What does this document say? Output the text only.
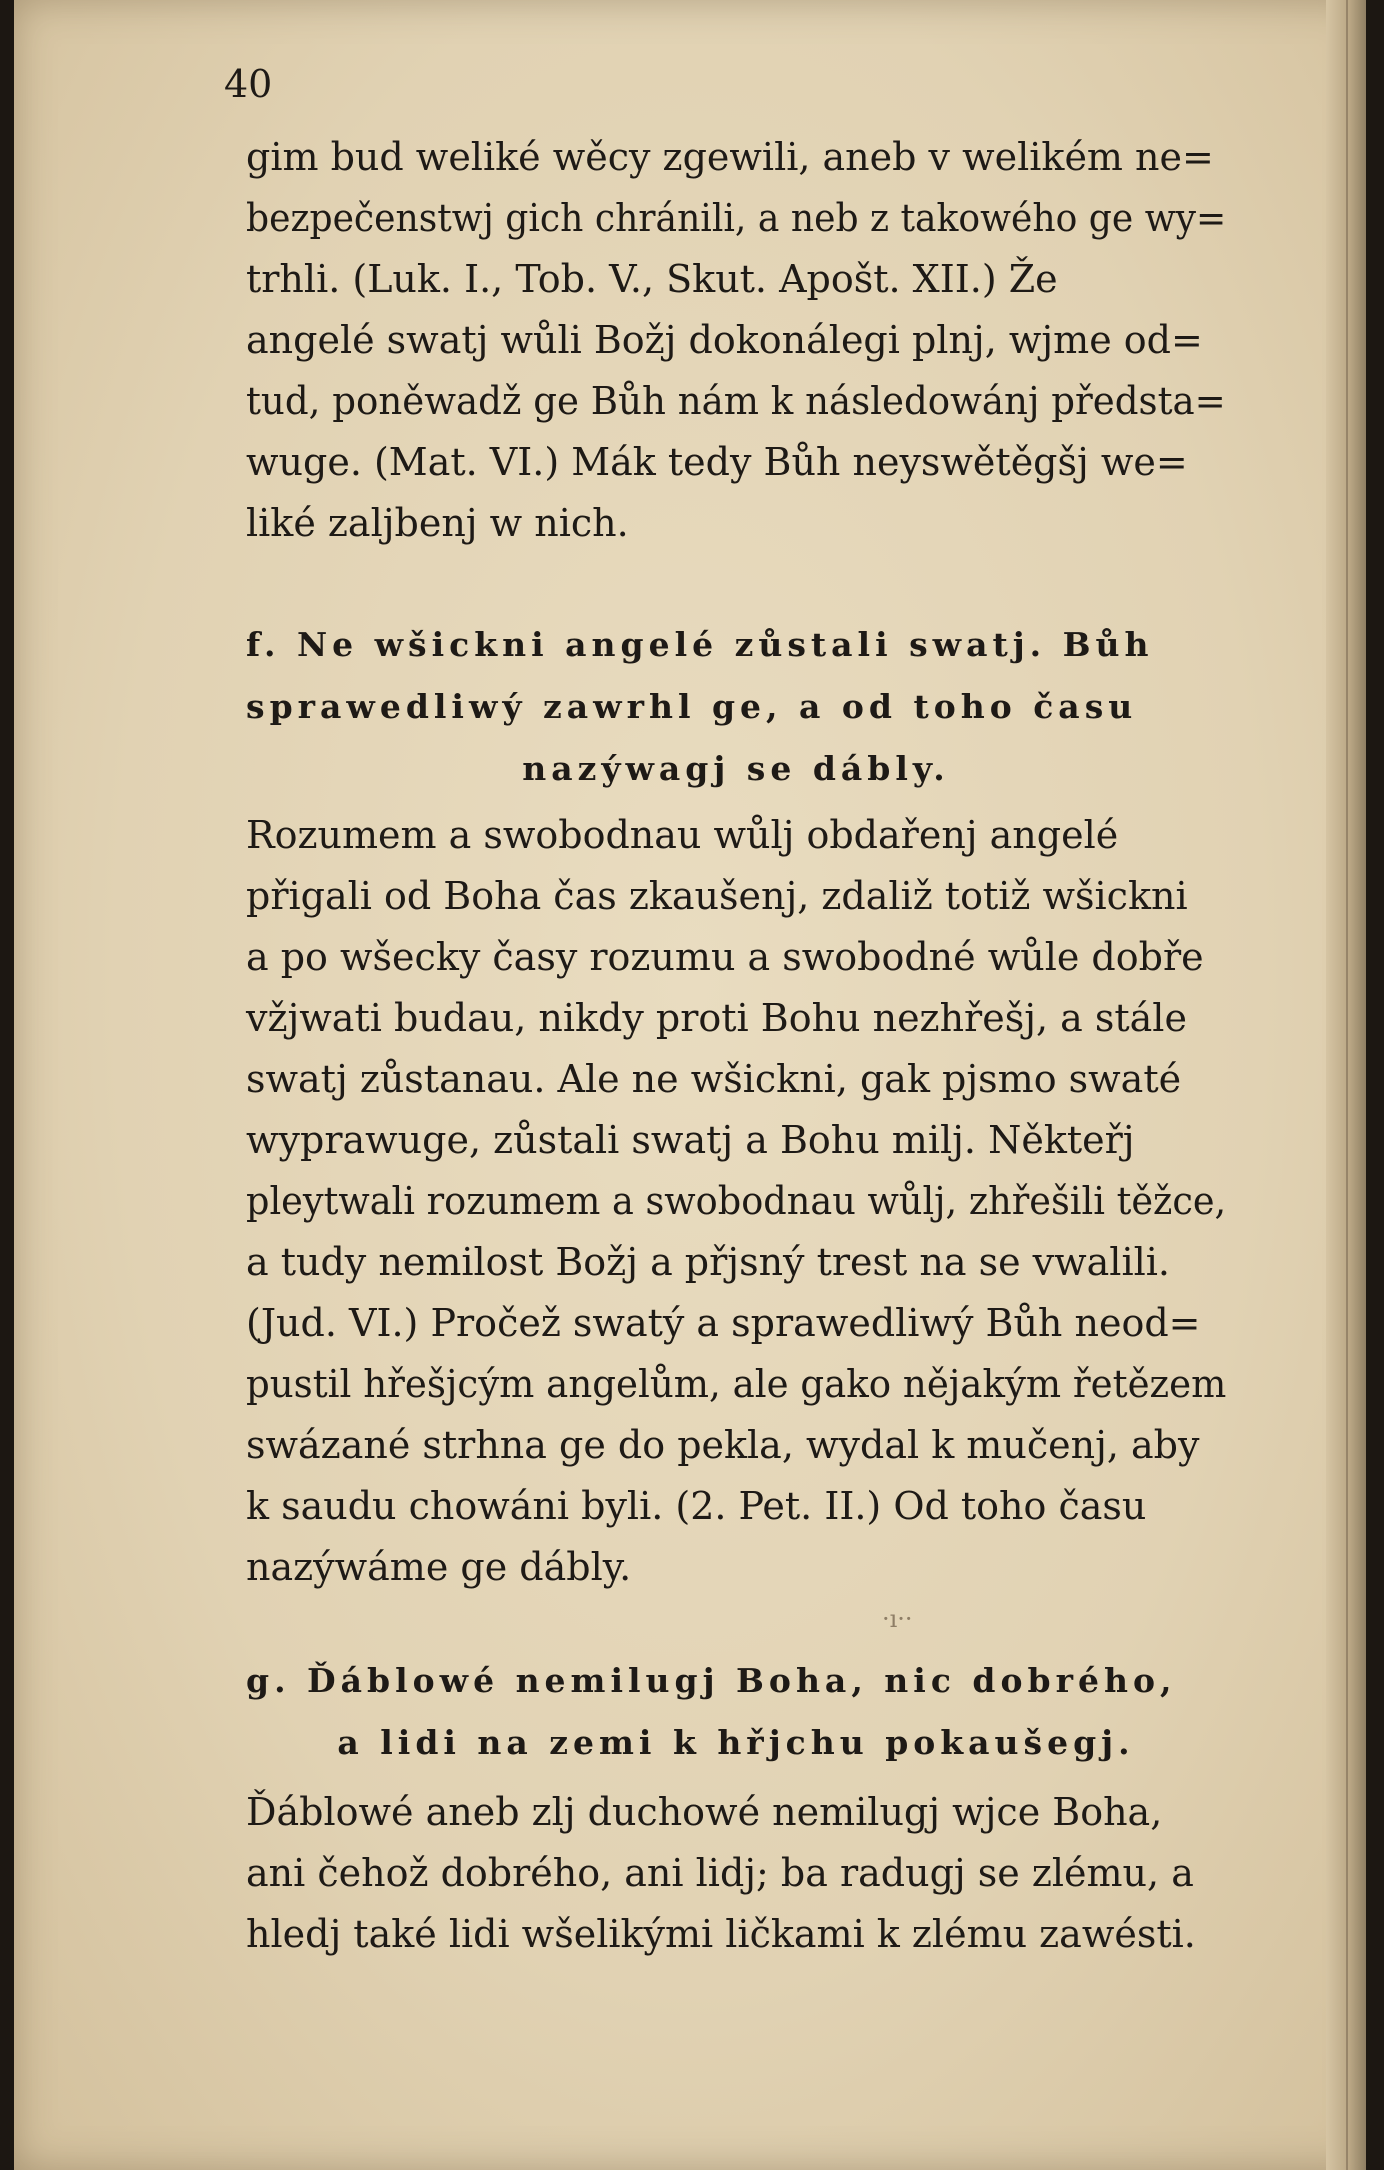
40
gim bud weliké wěcy zgewili, aneb v welikém ne=
bezpečenstwj gich chránili, a neb z takowého ge wy=
trhli. (Luk. I., Tob. V., Skut. Apošt. XII.) Že
angelé swatj wůli Božj dokonálegi plnj, wjme od=
tud, poněwadž ge Bůh nám k následowánj předsta=
wuge. (Mat. VI.) Mák tedy Bůh neyswětěgšj we=
liké zaljbenj w nich.
f. Ne wšickni angelé zůstali swatj. Bůh
sprawedliwý zawrhl ge, a od toho času
nazýwagj se dábly.
Rozumem a swobodnau wůlj obdařenj angelé
přigali od Boha čas zkaušenj, zdaliž totiž wšickni
a po wšecky časy rozumu a swobodné wůle dobře
vžjwati budau, nikdy proti Bohu nezhřešj, a stále
swatj zůstanau. Ale ne wšickni, gak pjsmo swaté
wyprawuge, zůstali swatj a Bohu milj. Někteřj
pleytwali rozumem a swobodnau wůlj, zhřešili těžce,
a tudy nemilost Božj a přjsný trest na se vwalili.
(Jud. VI.) Pročež swatý a sprawedliwý Bůh neod=
pustil hřešjcým angelům, ale gako nějakým řetězem
swázané strhna ge do pekla, wydal k mučenj, aby
k saudu chowáni byli. (2. Pet. II.) Od toho času
nazýwáme ge dábly.
·ı··
g. Ďáblowé nemilugj Boha, nic dobrého,
a lidi na zemi k hřjchu pokaušegj.
Ďáblowé aneb zlj duchowé nemilugj wjce Boha,
ani čehož dobrého, ani lidj; ba radugj se zlému, a
hledj také lidi wšelikými ličkami k zlému zawésti.
